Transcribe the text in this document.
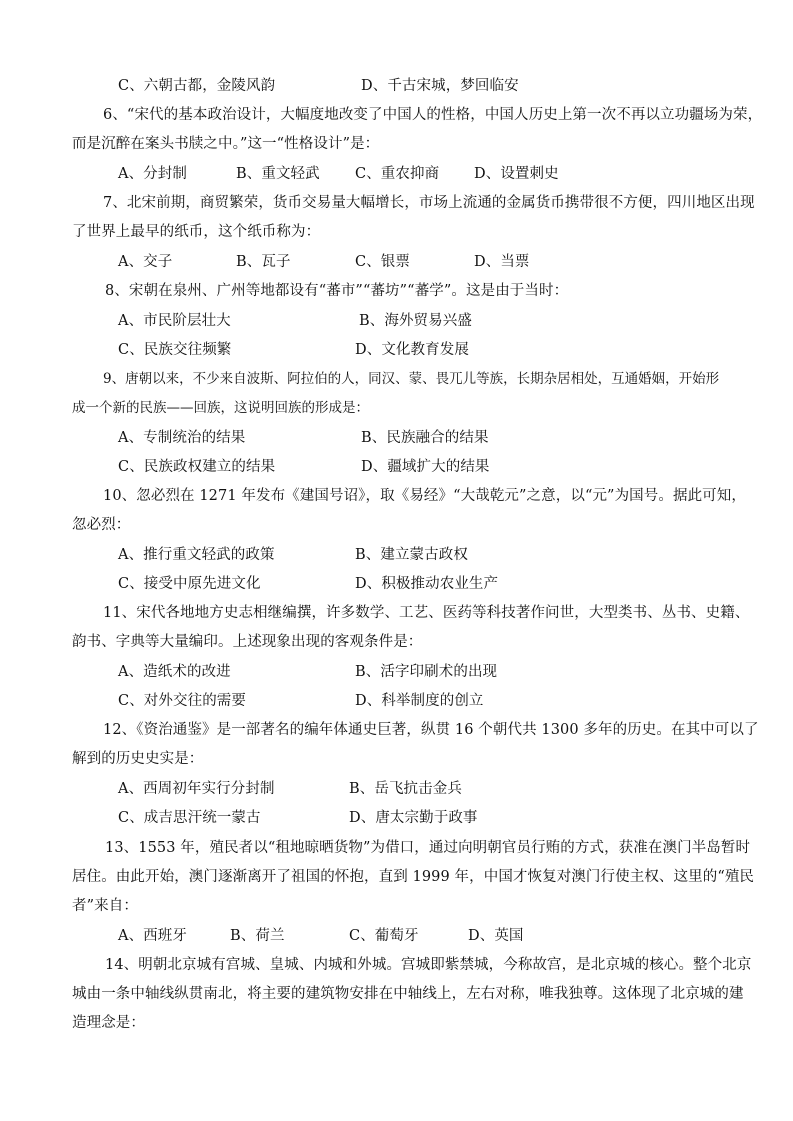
C、六朝古都，金陵风韵	D、千古宋城，梦回临安
6、“宋代的基本政治设计，大幅度地改变了中国人的性格，中国人历史上第一次不再以立功疆场为荣，
而是沉醉在案头书牍之中。”这一“性格设计”是：
A、分封制	B、重文轻武 C、重农抑商 D、设置刺史
7、北宋前期，商贸繁荣，货币交易量大幅增长，市场上流通的金属货币携带很不方便，四川地区出现
了世界上最早的纸币，这个纸币称为：
A、交子	B、瓦子	C、银票	D、当票
8、宋朝在泉州、广州等地都设有“蕃市”“蕃坊”“蕃学”。这是由于当时：
A、市民阶层壮大	B、海外贸易兴盛
C、民族交往频繁	D、文化教育发展
9、唐朝以来，不少来自波斯、阿拉伯的人，同汉、蒙、畏兀儿等族，长期杂居相处，互通婚姻，开始形
成一个新的民族——回族，这说明回族的形成是：
A、专制统治的结果	B、民族融合的结果
C、民族政权建立的结果	D、疆域扩大的结果
10、忽必烈在 1271 年发布《建国号诏》，取《易经》“大哉乾元”之意，以“元”为国号。据此可知，
忽必烈：
A、推行重文轻武的政策	B、建立蒙古政权
C、接受中原先进文化	D、积极推动农业生产
11、宋代各地地方史志相继编撰，许多数学、工艺、医药等科技著作问世，大型类书、丛书、史籍、
韵书、字典等大量编印。上述现象出现的客观条件是：
A、造纸术的改进	B、活字印刷术的出现
C、对外交往的需要	D、科举制度的创立
12、《资治通鉴》是一部著名的编年体通史巨著，纵贯 16 个朝代共 1300 多年的历史。在其中可以了
解到的历史史实是：
A、西周初年实行分封制	B、岳飞抗击金兵
C、成吉思汗统一蒙古	D、唐太宗勤于政事
13、1553 年，殖民者以“租地晾晒货物”为借口，通过向明朝官员行贿的方式，获准在澳门半岛暂时
居住。由此开始，澳门逐渐离开了祖国的怀抱，直到 1999 年，中国才恢复对澳门行使主权、这里的“殖民
者”来自：
A、西班牙	B、荷兰	C、葡萄牙	D、英国
14、明朝北京城有宫城、皇城、内城和外城。宫城即紫禁城，今称故宫，是北京城的核心。整个北京
城由一条中轴线纵贯南北，将主要的建筑物安排在中轴线上，左右对称，唯我独尊。这体现了北京城的建
造理念是：
